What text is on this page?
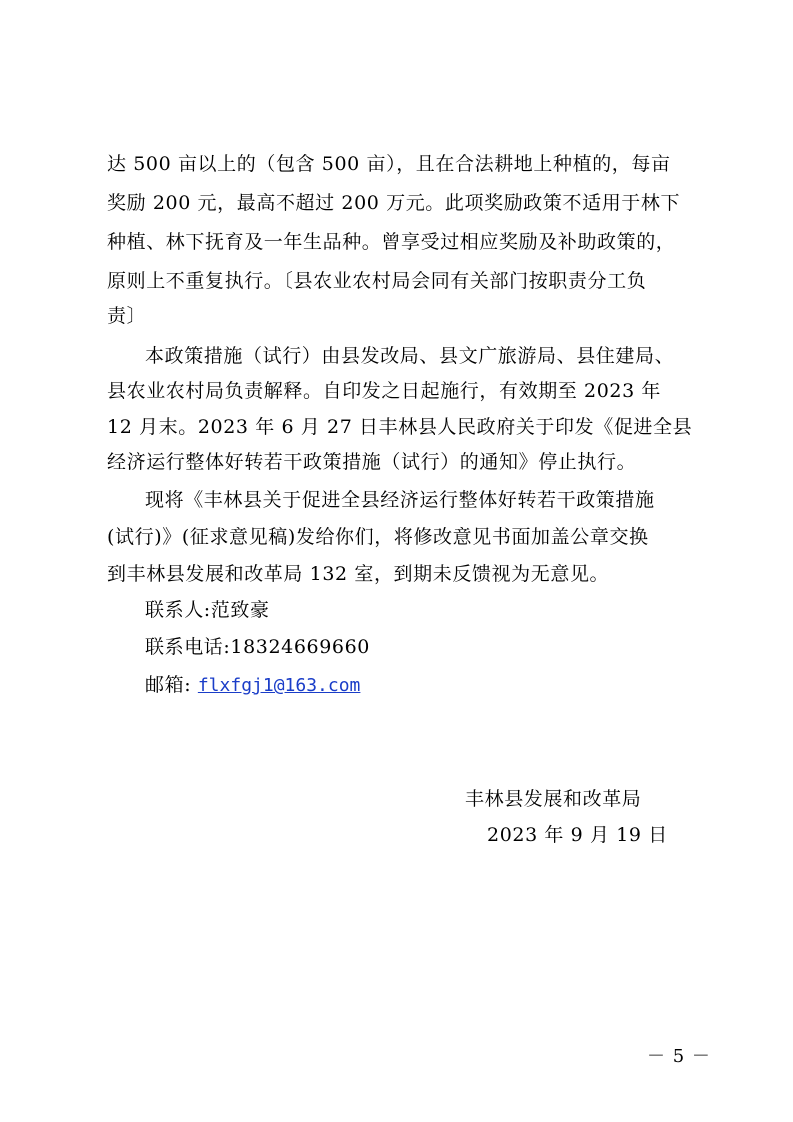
达 500 亩以上的（包含 500 亩），且在合法耕地上种植的，每亩
奖励 200 元，最高不超过 200 万元。此项奖励政策不适用于林下
种植、林下抚育及一年生品种。曾享受过相应奖励及补助政策的，
原则上不重复执行。〔县农业农村局会同有关部门按职责分工负
责〕
本政策措施（试行）由县发改局、县文广旅游局、县住建局、
县农业农村局负责解释。自印发之日起施行，有效期至 2023 年
12 月末。2023 年 6 月 27 日丰林县人民政府关于印发《促进全县
经济运行整体好转若干政策措施（试行）的通知》停止执行。
现将《丰林县关于促进全县经济运行整体好转若干政策措施
(试行)》(征求意见稿)发给你们，将修改意见书面加盖公章交换
到丰林县发展和改革局 132 室，到期未反馈视为无意见。
联系人:范致豪
联系电话:18324669660
邮箱: flxfgj1@163.com
丰林县发展和改革局
2023 年 9 月 19 日
－ 5 －
